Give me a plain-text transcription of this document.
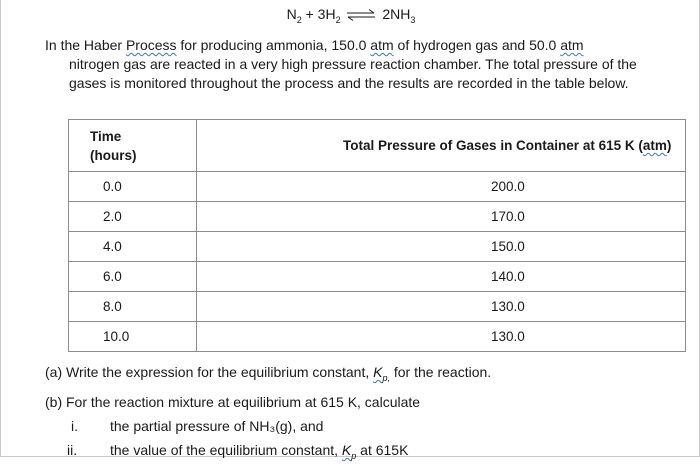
$N_2 + 3H_2$ ⇌ $2NH_3$
In the Haber Process for producing ammonia, 150.0 atm of hydrogen gas and 50.0 atm
nitrogen gas are reacted in a very high pressure reaction chamber. The total pressure of the gases is monitored throughout the process and the results are recorded in the table below.
Time
(hours)	Total Pressure of Gases in Container at 615 K (atm)
0.0	200.0
2.0	170.0
4.0	150.0
6.0	140.0
8.0	130.0
10.0	130.0
(a) Write the expression for the equilibrium constant, $K_{p,}$ for the reaction.
(b) For the reaction mixture at equilibrium at 615 K, calculate
i. the partial pressure of NH₃(g), and
ii. the value of the equilibrium constant, $K_p$ at 615K
